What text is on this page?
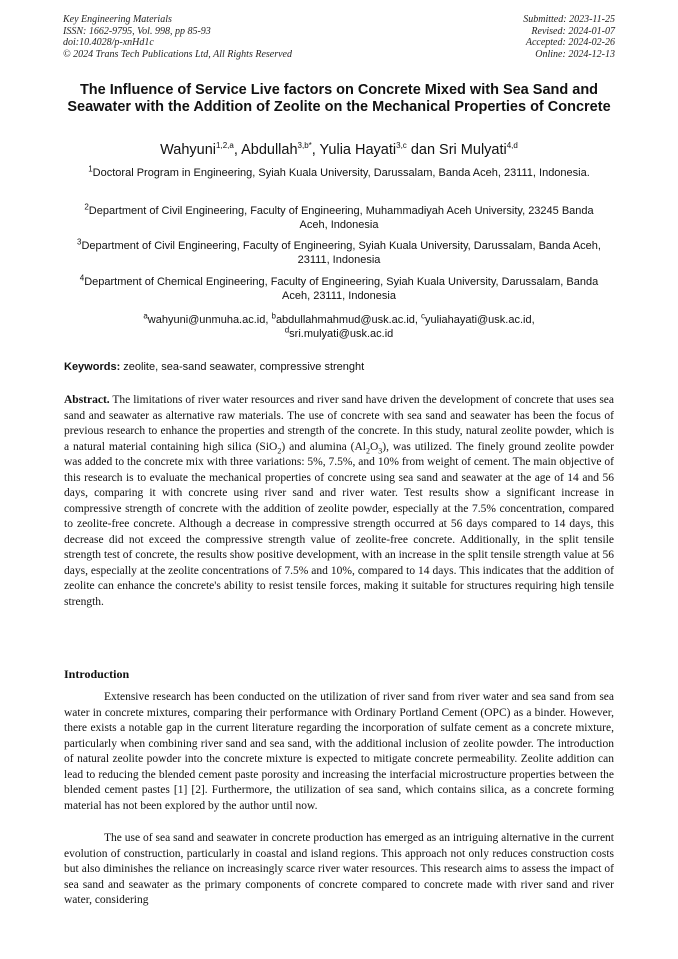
Key Engineering Materials
ISSN: 1662-9795, Vol. 998, pp 85-93
doi:10.4028/p-xnHd1c
© 2024 Trans Tech Publications Ltd, All Rights Reserved
Submitted: 2023-11-25
Revised: 2024-01-07
Accepted: 2024-02-26
Online: 2024-12-13
The Influence of Service Live factors on Concrete Mixed with Sea Sand and Seawater with the Addition of Zeolite on the Mechanical Properties of Concrete
Wahyuni$^{1,2,a}$, Abdullah$^{3,b*}$, Yulia Hayati$^{3,c}$ dan Sri Mulyati$^{4,d}$
$^1$Doctoral Program in Engineering, Syiah Kuala University, Darussalam, Banda Aceh, 23111, Indonesia.
$^2$Department of Civil Engineering, Faculty of Engineering, Muhammadiyah Aceh University, 23245 Banda Aceh, Indonesia
$^3$Department of Civil Engineering, Faculty of Engineering, Syiah Kuala University, Darussalam, Banda Aceh, 23111, Indonesia
$^4$Department of Chemical Engineering, Faculty of Engineering, Syiah Kuala University, Darussalam, Banda Aceh, 23111, Indonesia
$^a$wahyuni@unmuha.ac.id, $^b$abdullahmahmud@usk.ac.id, $^c$yuliahayati@usk.ac.id,
$^d$sri.mulyati@usk.ac.id
Keywords: zeolite, sea-sand seawater, compressive strenght

Abstract. The limitations of river water resources and river sand have driven the development of concrete that uses sea sand and seawater as alternative raw materials. The use of concrete with sea sand and seawater has been the focus of previous research to enhance the properties and strength of the concrete. In this study, natural zeolite powder, which is a natural material containing high silica (SiO$_2$) and alumina $(Al_2O_3)$, was utilized. The finely ground zeolite powder was added to the concrete mix with three variations: 5%, 7.5%, and 10% from weight of cement. The main objective of this research is to evaluate the mechanical properties of concrete using sea sand and seawater at the age of 14 and 56 days, comparing it with concrete using river sand and river water. Test results show a significant increase in compressive strength of concrete with the addition of zeolite powder, especially at the 7.5% concentration, compared to zeolite-free concrete. Although a decrease in compressive strength occurred at 56 days compared to 14 days, this decrease did not exceed the compressive strength value of zeolite-free concrete. Additionally, in the split tensile strength test of concrete, the results show positive development, with an increase in the split tensile strength value at 56 days, especially at the zeolite concentrations of 7.5% and 10%, compared to 14 days. This indicates that the addition of zeolite can enhance the concrete's ability to resist tensile forces, making it suitable for structures requiring high tensile strength.

Introduction

Extensive research has been conducted on the utilization of river sand from river water and sea sand from sea water in concrete mixtures, comparing their performance with Ordinary Portland Cement (OPC) as a binder. However, there exists a notable gap in the current literature regarding the incorporation of sulfate cement as a concrete mixture, particularly when combining river sand and sea sand, with the additional inclusion of zeolite powder. The introduction of natural zeolite powder into the concrete mixture is expected to mitigate concrete permeability. Zeolite addition can lead to reducing the blended cement paste porosity and increasing the interfacial microstructure properties between the blended cement pastes [1] [2]. Furthermore, the utilization of sea sand, which contains silica, as a concrete forming material has not been explored by the author until now.

The use of sea sand and seawater in concrete production has emerged as an intriguing alternative in the current evolution of construction, particularly in coastal and island regions. This approach not only reduces construction costs but also diminishes the reliance on increasingly scarce river water resources. This research aims to assess the impact of sea sand and seawater as the primary components of concrete compared to concrete made with river sand and river water, considering
